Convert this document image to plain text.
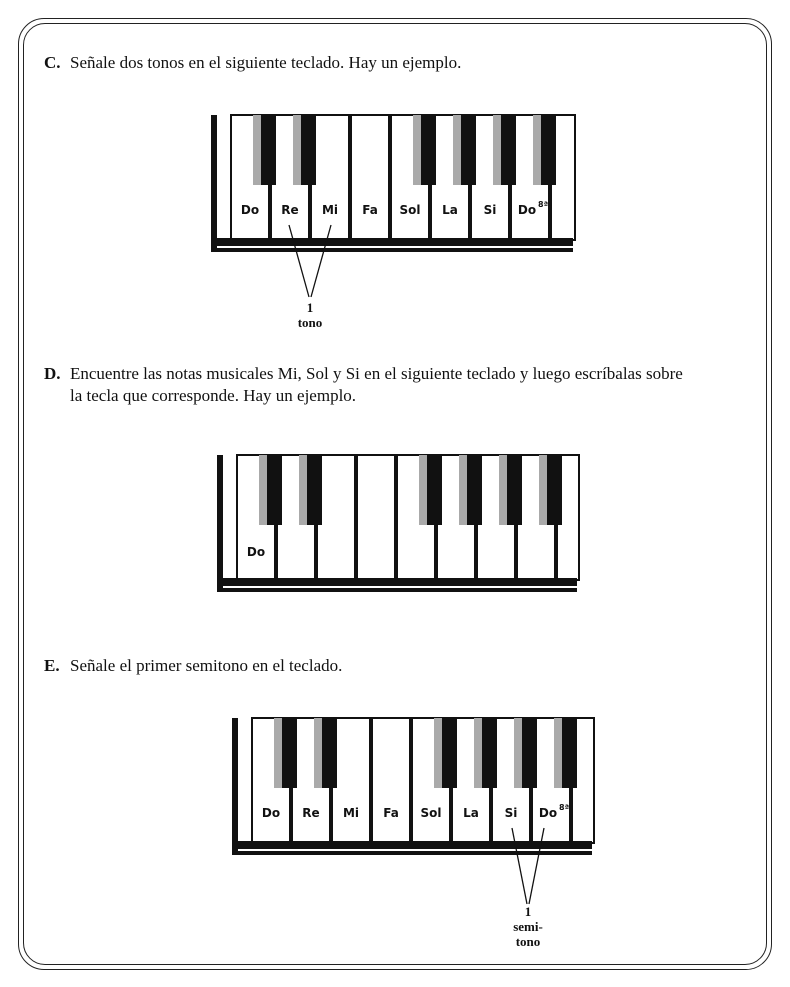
C. Señale dos tonos en el siguiente teclado. Hay un ejemplo.
Do Re Mi Fa Sol La Si Do 8ª
1
tono
D. Encuentre las notas musicales Mi, Sol y Si en el siguiente teclado y luego escríbalas sobre
la tecla que corresponde. Hay un ejemplo.
Do
E. Señale el primer semitono en el teclado.
Do Re Mi Fa Sol La Si Do 8ª
1
semi-
tono
